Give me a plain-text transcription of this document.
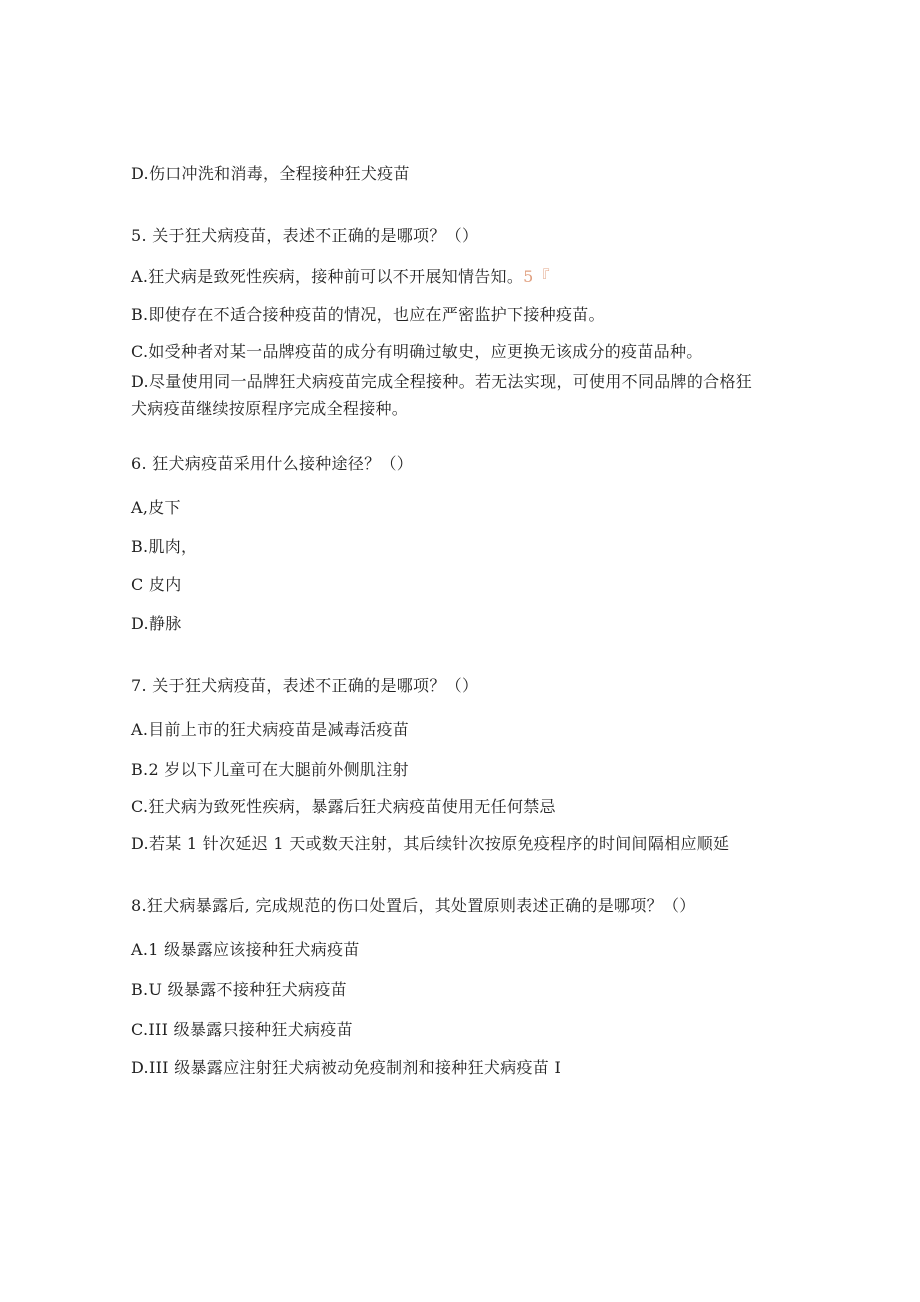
D.伤口冲洗和消毒，全程接种狂犬疫苗
5. 关于狂犬病疫苗，表述不正确的是哪项？（）
A.狂犬病是致死性疾病，接种前可以不开展知情告知。5『
B.即使存在不适合接种疫苗的情况，也应在严密监护下接种疫苗。
C.如受种者对某一品牌疫苗的成分有明确过敏史，应更换无该成分的疫苗品种。
D.尽量使用同一品牌狂犬病疫苗完成全程接种。若无法实现，可使用不同品牌的合格狂
犬病疫苗继续按原程序完成全程接种。
6. 狂犬病疫苗采用什么接种途径？（）
A,皮下
B.肌肉，
C 皮内
D.静脉
7. 关于狂犬病疫苗，表述不正确的是哪项？（）
A.目前上市的狂犬病疫苗是减毒活疫苗
B.2 岁以下儿童可在大腿前外侧肌注射
C.狂犬病为致死性疾病，暴露后狂犬病疫苗使用无任何禁忌
D.若某 1 针次延迟 1 天或数天注射，其后续针次按原免疫程序的时间间隔相应顺延
8.狂犬病暴露后, 完成规范的伤口处置后，其处置原则表述正确的是哪项？（）
A.1 级暴露应该接种狂犬病疫苗
B.U 级暴露不接种狂犬病疫苗
C.III 级暴露只接种狂犬病疫苗
D.III 级暴露应注射狂犬病被动免疫制剂和接种狂犬病疫苗 I
